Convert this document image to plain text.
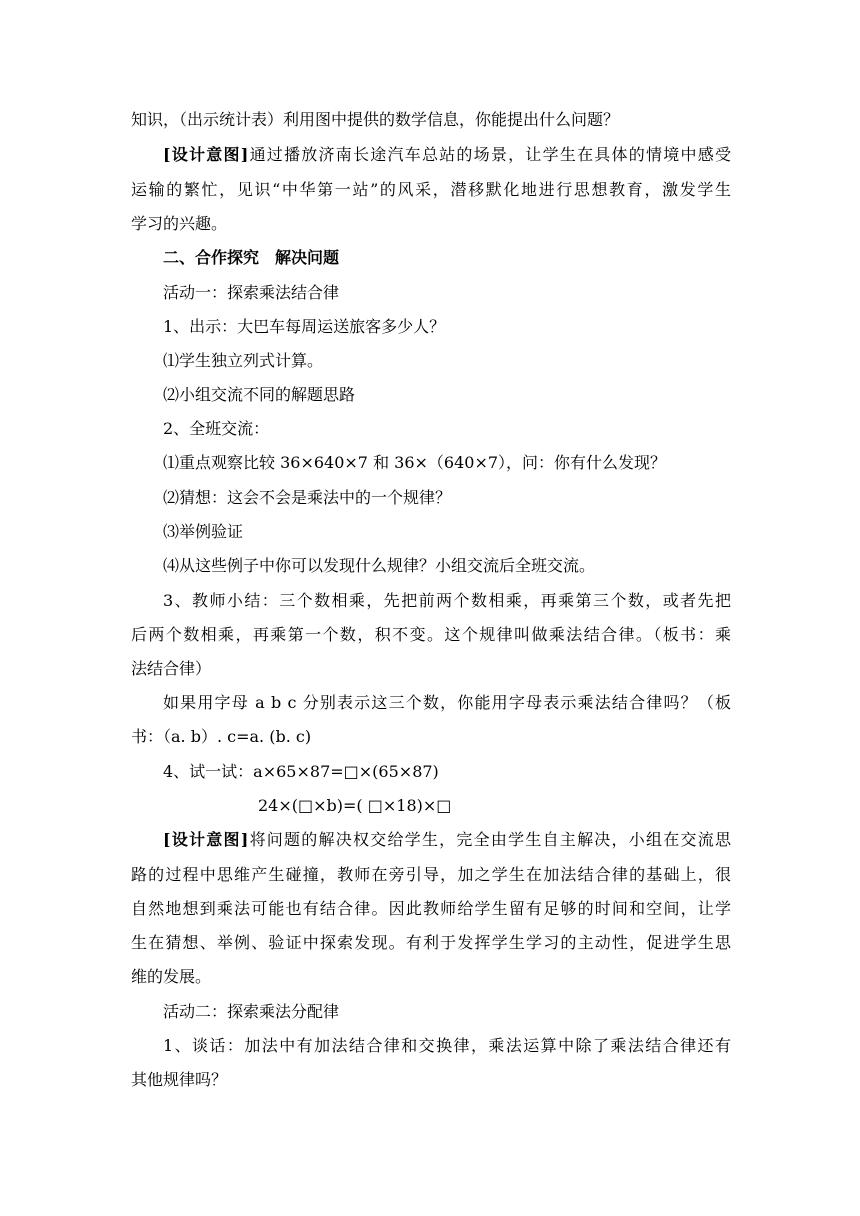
知识，（出示统计表）利用图中提供的数学信息，你能提出什么问题？
[设计意图]通过播放济南长途汽车总站的场景，让学生在具体的情境中感受
运输的繁忙，见识“中华第一站”的风采，潜移默化地进行思想教育，激发学生
学习的兴趣。
二、合作探究　解决问题
活动一：探索乘法结合律
1、出示：大巴车每周运送旅客多少人？
⑴学生独立列式计算。
⑵小组交流不同的解题思路
2、全班交流：
⑴重点观察比较 36×640×7 和 36×（640×7），问：你有什么发现？
⑵猜想：这会不会是乘法中的一个规律？
⑶举例验证
⑷从这些例子中你可以发现什么规律？小组交流后全班交流。
3、教师小结：三个数相乘，先把前两个数相乘，再乘第三个数，或者先把
后两个数相乘，再乘第一个数，积不变。这个规律叫做乘法结合律。（板书：乘
法结合律）
如果用字母 a b c 分别表示这三个数，你能用字母表示乘法结合律吗？（板
书：（a. b）. c=a. (b. c)
4、试一试：a×65×87=□×(65×87)
24×(□×b)=( □×18)×□
[设计意图]将问题的解决权交给学生，完全由学生自主解决，小组在交流思
路的过程中思维产生碰撞，教师在旁引导，加之学生在加法结合律的基础上，很
自然地想到乘法可能也有结合律。因此教师给学生留有足够的时间和空间，让学
生在猜想、举例、验证中探索发现。有利于发挥学生学习的主动性，促进学生思
维的发展。
活动二：探索乘法分配律
1、谈话：加法中有加法结合律和交换律，乘法运算中除了乘法结合律还有
其他规律吗？
